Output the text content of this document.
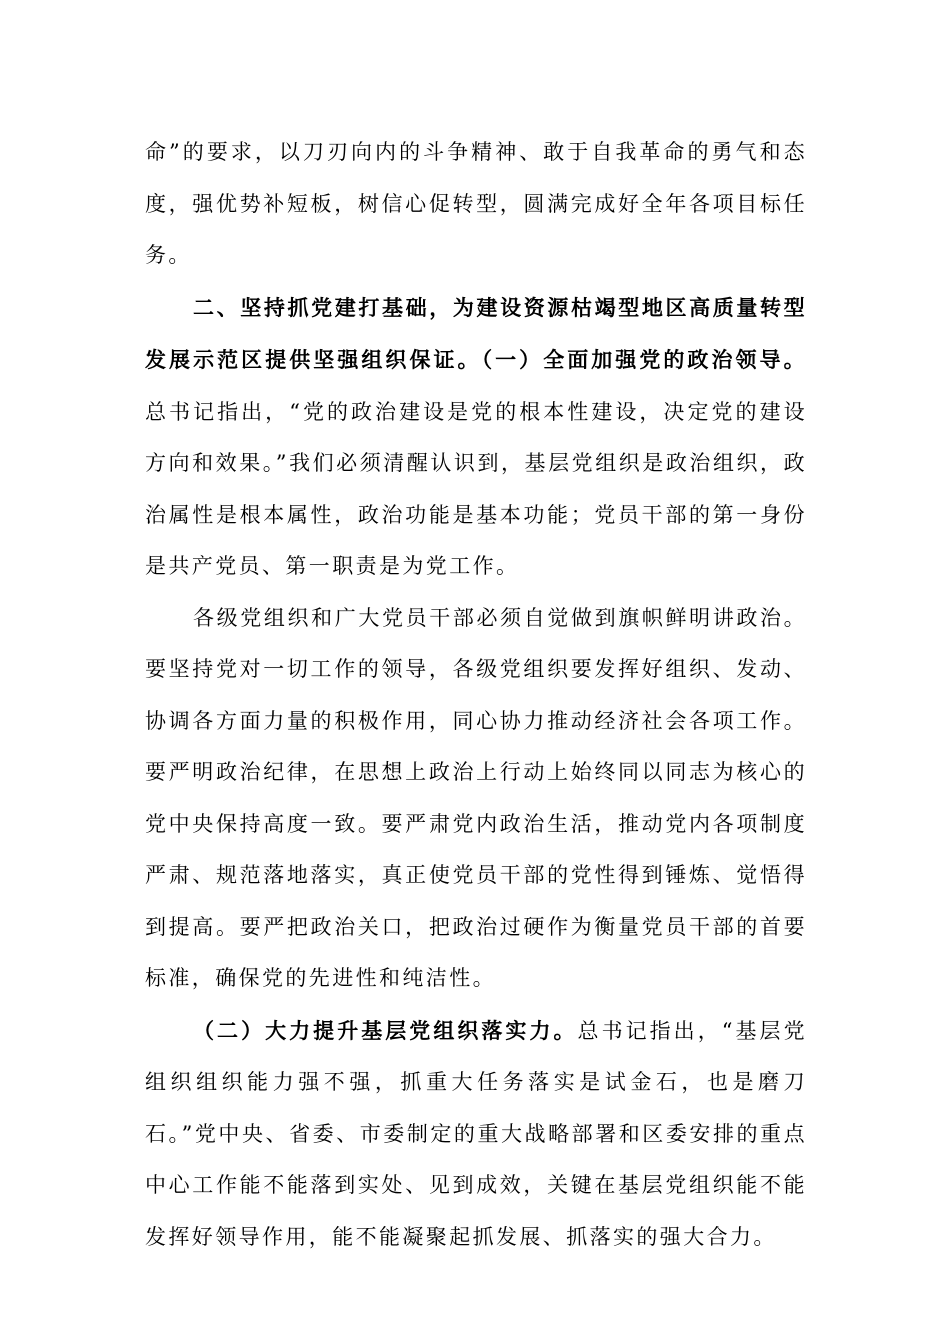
命”的要求，以刀刃向内的斗争精神、敢于自我革命的勇气和态度，强优势补短板，树信心促转型，圆满完成好全年各项目标任务。

二、坚持抓党建打基础，为建设资源枯竭型地区高质量转型发展示范区提供坚强组织保证。（一）全面加强党的政治领导。总书记指出，“党的政治建设是党的根本性建设，决定党的建设方向和效果。”我们必须清醒认识到，基层党组织是政治组织，政治属性是根本属性，政治功能是基本功能；党员干部的第一身份是共产党员、第一职责是为党工作。

各级党组织和广大党员干部必须自觉做到旗帜鲜明讲政治。要坚持党对一切工作的领导，各级党组织要发挥好组织、发动、协调各方面力量的积极作用，同心协力推动经济社会各项工作。要严明政治纪律，在思想上政治上行动上始终同以同志为核心的党中央保持高度一致。要严肃党内政治生活，推动党内各项制度严肃、规范落地落实，真正使党员干部的党性得到锤炼、觉悟得到提高。要严把政治关口，把政治过硬作为衡量党员干部的首要标准，确保党的先进性和纯洁性。

（二）大力提升基层党组织落实力。总书记指出，“基层党组织组织能力强不强，抓重大任务落实是试金石，也是磨刀石。”党中央、省委、市委制定的重大战略部署和区委安排的重点中心工作能不能落到实处、见到成效，关键在基层党组织能不能发挥好领导作用，能不能凝聚起抓发展、抓落实的强大合力。
